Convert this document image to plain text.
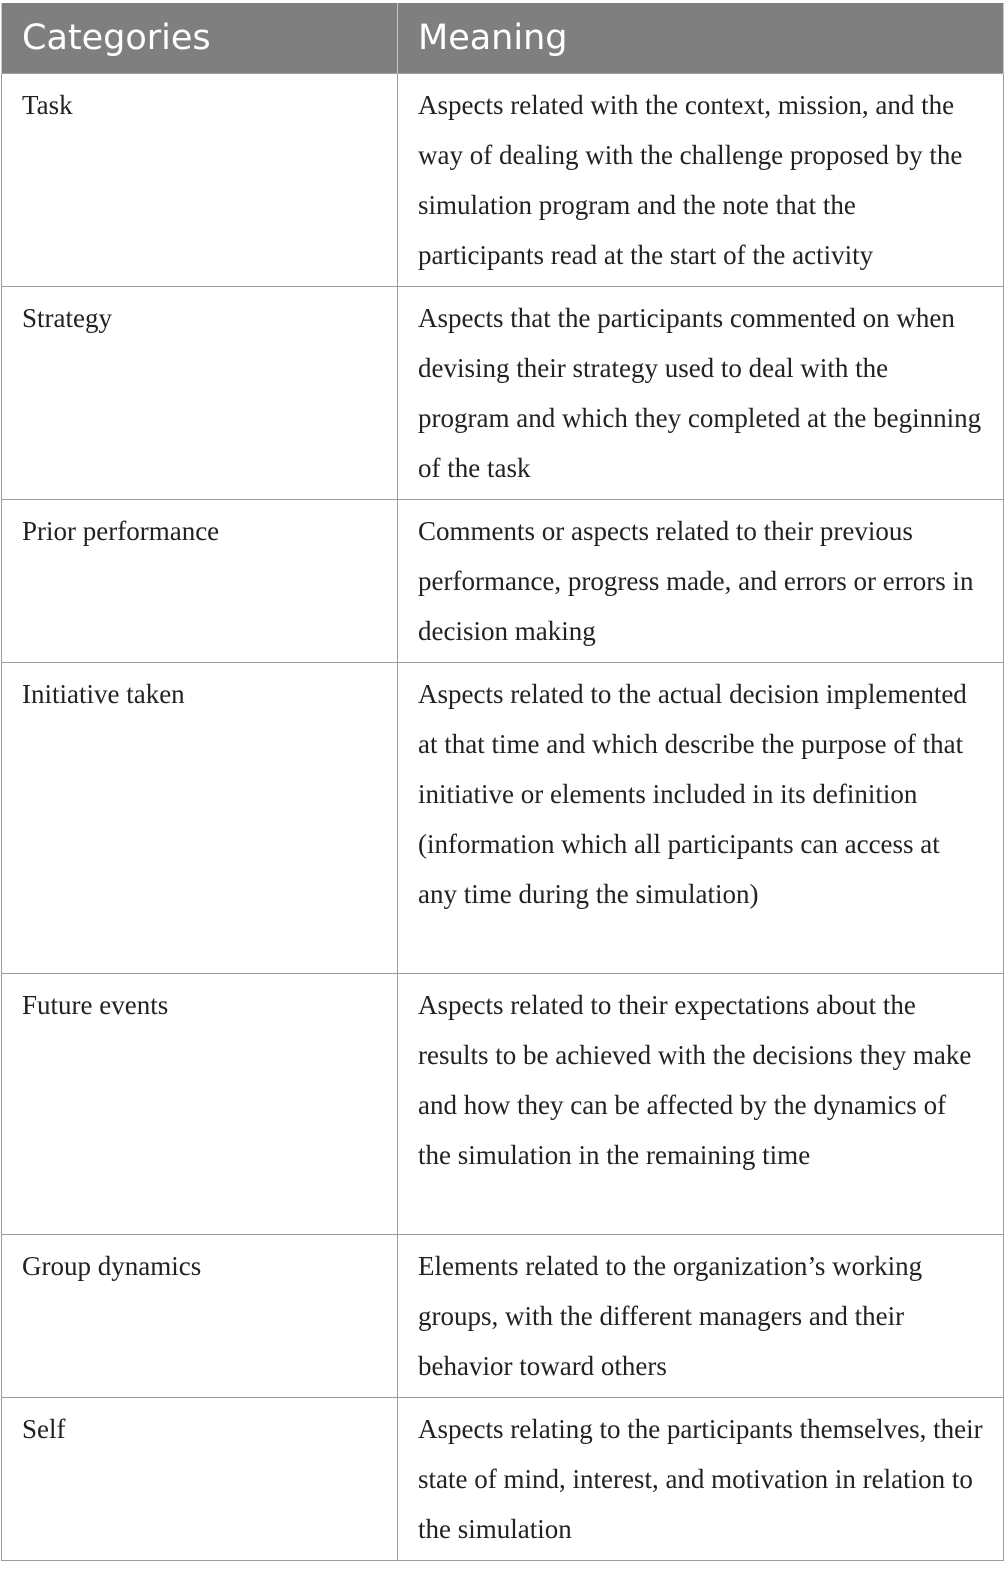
Categories	Meaning
Task	Aspects related with the context, mission, and the way of dealing with the challenge proposed by the simulation program and the note that the participants read at the start of the activity
Strategy	Aspects that the participants commented on when devising their strategy used to deal with the program and which they completed at the beginning of the task
Prior performance	Comments or aspects related to their previous performance, progress made, and errors or errors in decision making
Initiative taken	Aspects related to the actual decision implemented at that time and which describe the purpose of that initiative or elements included in its definition (information which all participants can access at any time during the simulation)
Future events	Aspects related to their expectations about the results to be achieved with the decisions they make and how they can be affected by the dynamics of the simulation in the remaining time
Group dynamics	Elements related to the organization’s working groups, with the different managers and their behavior toward others
Self	Aspects relating to the participants themselves, their state of mind, interest, and motivation in relation to the simulation
